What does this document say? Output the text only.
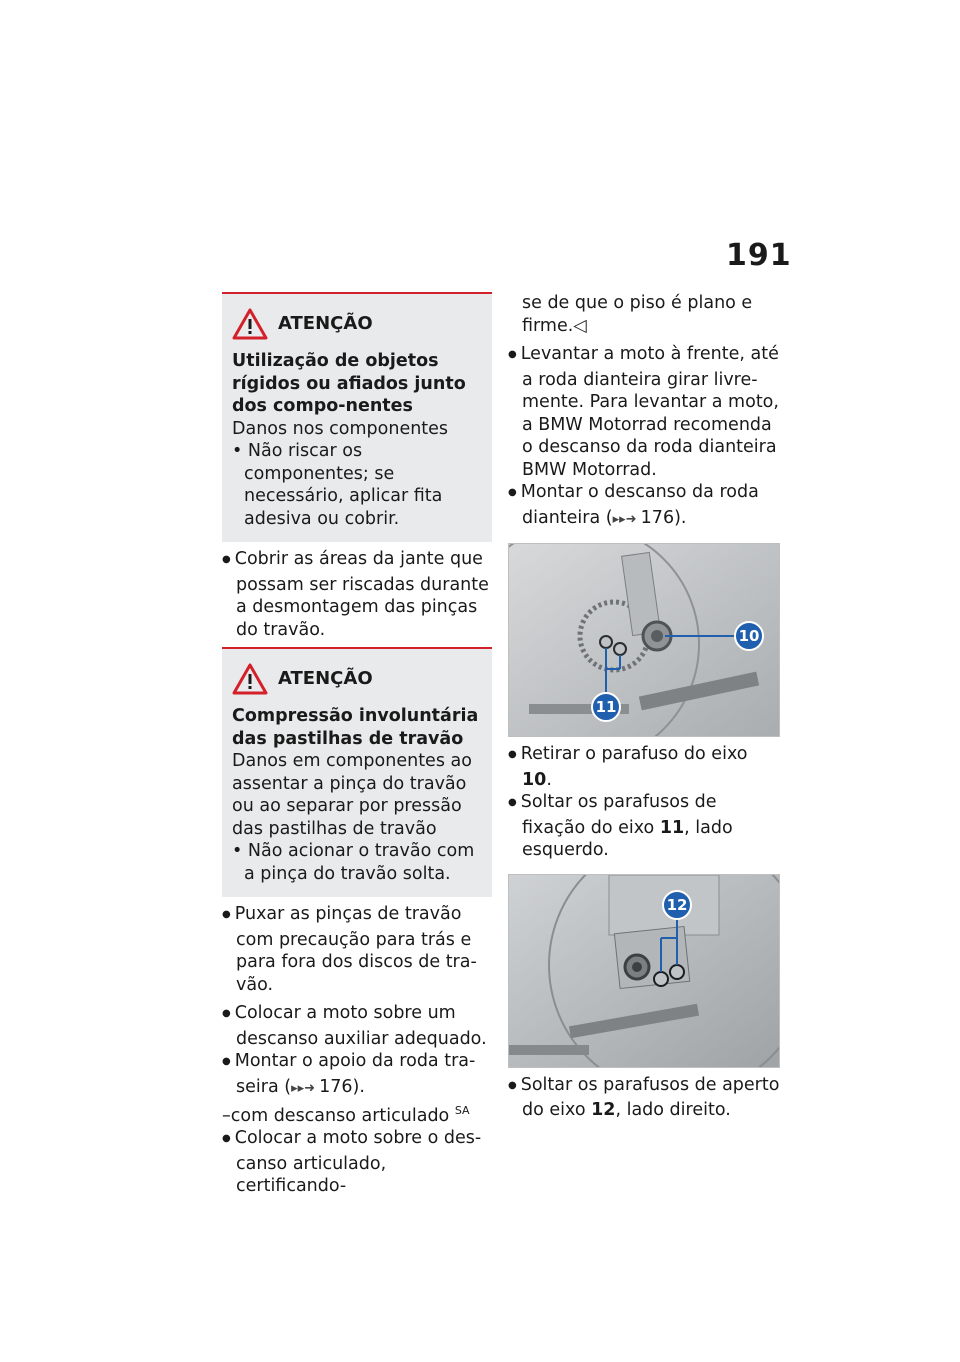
191
ATENÇÃO
Utilização de objetos rígidos ou afiados junto dos compo-nentes
Danos nos componentes
• Não riscar os componentes; se necessário, aplicar fita adesiva ou cobrir.
● Cobrir as áreas da jante que possam ser riscadas durante a desmontagem das pinças do travão.
ATENÇÃO
Compressão involuntária das pastilhas de travão
Danos em componentes ao assentar a pinça do travão ou ao separar por pressão das pastilhas de travão
• Não acionar o travão com a pinça do travão solta.
● Puxar as pinças de travão com precaução para trás e para fora dos discos de tra-vão.
● Colocar a moto sobre um descanso auxiliar adequado.
● Montar o apoio da roda tra-seira (▸▸➜ 176).
–com descanso articulado $^{SA}$
● Colocar a moto sobre o des-canso articulado, certificando-
se de que o piso é plano e firme.◁
● Levantar a moto à frente, até a roda dianteira girar livre-mente. Para levantar a moto, a BMW Motorrad recomenda o descanso da roda dianteira BMW Motorrad.
● Montar o descanso da roda dianteira (▸▸➜ 176).
10
11
● Retirar o parafuso do eixo 10.
● Soltar os parafusos de fixação do eixo 11, lado esquerdo.
12
● Soltar os parafusos de aperto do eixo 12, lado direito.
